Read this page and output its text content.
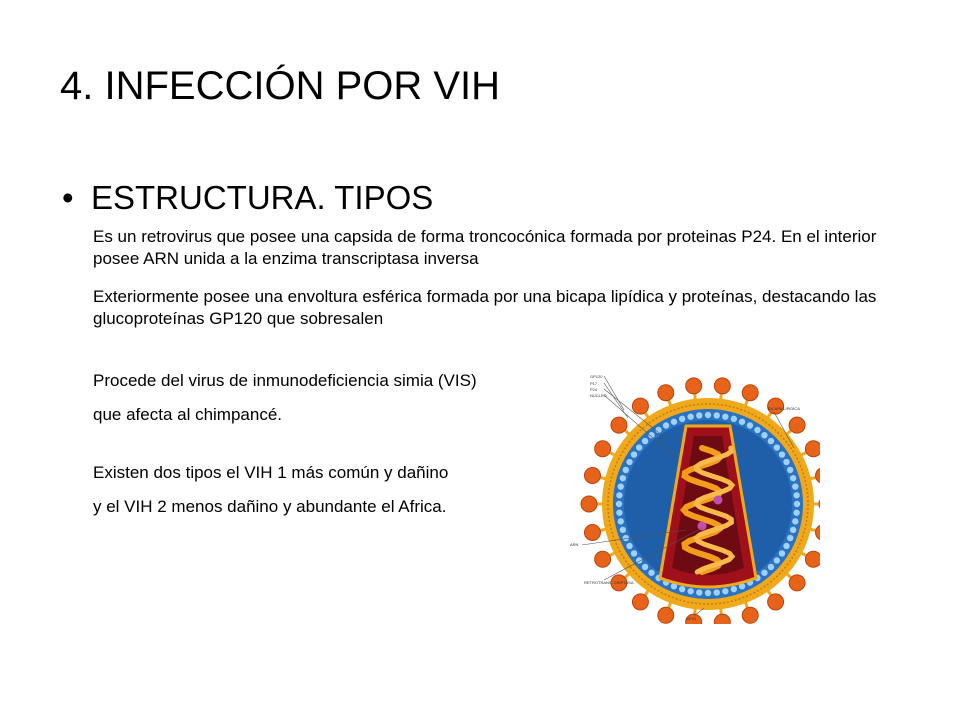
4. INFECCIÓN POR VIH
• ESTRUCTURA. TIPOS

Es un retrovirus que posee una capsida de forma troncocónica formada por proteinas P24. En el interior posee ARN unida a la enzima transcriptasa inversa

Exteriormente posee una envoltura esférica formada por una bicapa lipídica y proteínas, destacando las glucoproteínas GP120 que sobresalen

Procede del virus de inmunodeficiencia simia (VIS)

que afecta al chimpancé.

Existen dos tipos el VIH 1 más común y dañino

y el VIH 2 menos dañino y abundante el Africa.

GP120
P17
P24
NUCLEO
BICAPA LIPIDICA
ARN
RETROTRANS. CRIPTASA
GP41
